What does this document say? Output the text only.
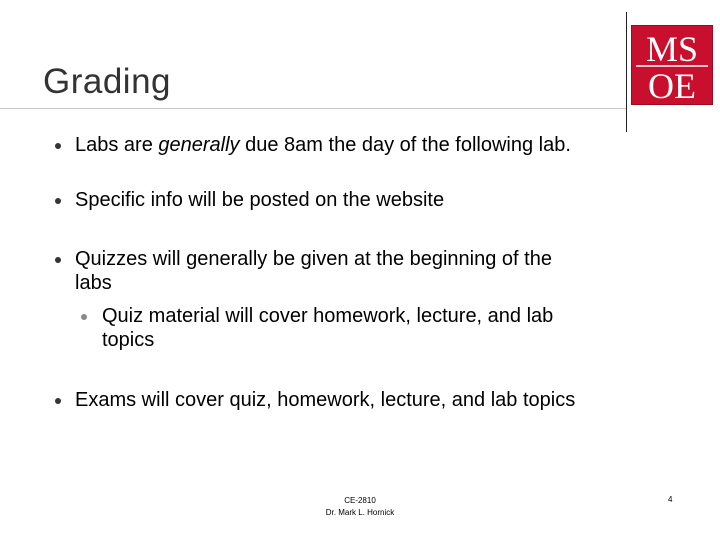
Grading
MS
OE
Labs are generally due 8am the day of the following lab.
Specific info will be posted on the website
Quizzes will generally be given at the beginning of the
labs
Quiz material will cover homework, lecture, and lab
topics
Exams will cover quiz, homework, lecture, and lab topics
CE-2810
Dr. Mark L. Hornick
4
